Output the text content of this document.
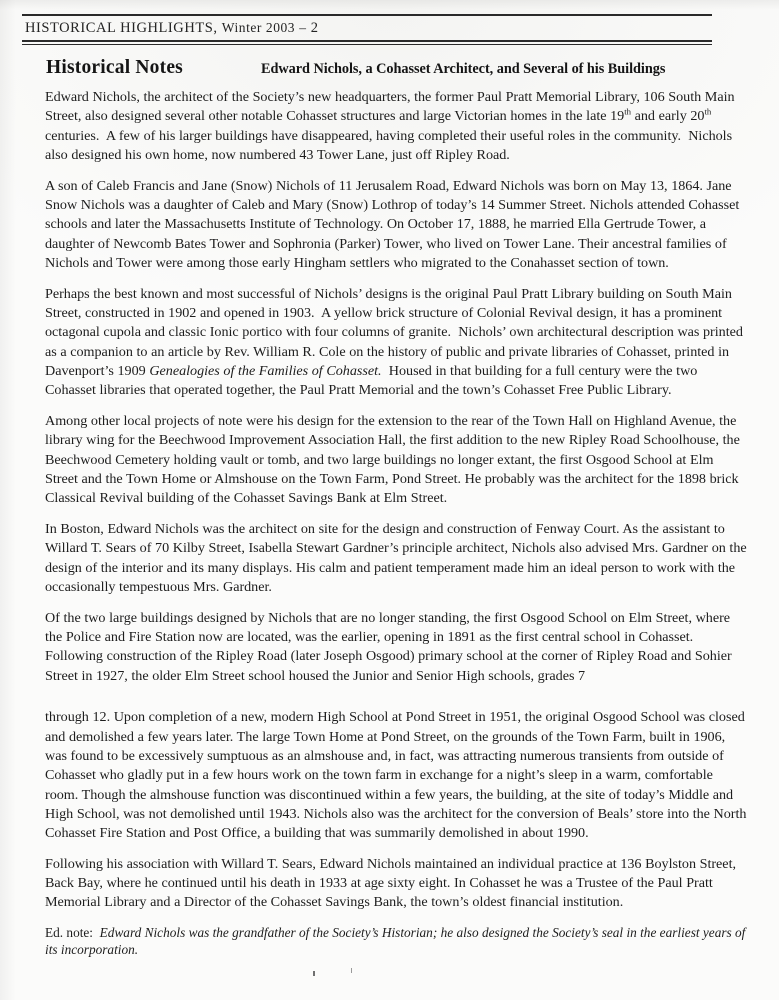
HISTORICAL HIGHLIGHTS, Winter 2003 – 2
Historical Notes	Edward Nichols, a Cohasset Architect, and Several of his Buildings

Edward Nichols, the architect of the Society’s new headquarters, the former Paul Pratt Memorial Library, 106 South Main Street, also designed several other notable Cohasset structures and large Victorian homes in the late 19th and early 20th centuries.  A few of his larger buildings have disappeared, having completed their useful roles in the community.  Nichols also designed his own home, now numbered 43 Tower Lane, just off Ripley Road.

A son of Caleb Francis and Jane (Snow) Nichols of 11 Jerusalem Road, Edward Nichols was born on May 13, 1864. Jane Snow Nichols was a daughter of Caleb and Mary (Snow) Lothrop of today’s 14 Summer Street. Nichols attended Cohasset schools and later the Massachusetts Institute of Technology. On October 17, 1888, he married Ella Gertrude Tower, a daughter of Newcomb Bates Tower and Sophronia (Parker) Tower, who lived on Tower Lane. Their ancestral families of Nichols and Tower were among those early Hingham settlers who migrated to the Conahasset section of town.

Perhaps the best known and most successful of Nichols’ designs is the original Paul Pratt Library building on South Main Street, constructed in 1902 and opened in 1903.  A yellow brick structure of Colonial Revival design, it has a prominent octagonal cupola and classic Ionic portico with four columns of granite.  Nichols’ own architectural description was printed as a companion to an article by Rev. William R. Cole on the history of public and private libraries of Cohasset, printed in Davenport’s 1909 Genealogies of the Families of Cohasset.  Housed in that building for a full century were the two Cohasset libraries that operated together, the Paul Pratt Memorial and the town’s Cohasset Free Public Library.

Among other local projects of note were his design for the extension to the rear of the Town Hall on Highland Avenue, the library wing for the Beechwood Improvement Association Hall, the first addition to the new Ripley Road Schoolhouse, the Beechwood Cemetery holding vault or tomb, and two large buildings no longer extant, the first Osgood School at Elm Street and the Town Home or Almshouse on the Town Farm, Pond Street. He probably was the architect for the 1898 brick Classical Revival building of the Cohasset Savings Bank at Elm Street.

In Boston, Edward Nichols was the architect on site for the design and construction of Fenway Court. As the assistant to Willard T. Sears of 70 Kilby Street, Isabella Stewart Gardner’s principle architect, Nichols also advised Mrs. Gardner on the design of the interior and its many displays. His calm and patient temperament made him an ideal person to work with the occasionally tempestuous Mrs. Gardner.

Of the two large buildings designed by Nichols that are no longer standing, the first Osgood School on Elm Street, where the Police and Fire Station now are located, was the earlier, opening in 1891 as the first central school in Cohasset. Following construction of the Ripley Road (later Joseph Osgood) primary school at the corner of Ripley Road and Sohier Street in 1927, the older Elm Street school housed the Junior and Senior High schools, grades 7

through 12. Upon completion of a new, modern High School at Pond Street in 1951, the original Osgood School was closed and demolished a few years later. The large Town Home at Pond Street, on the grounds of the Town Farm, built in 1906, was found to be excessively sumptuous as an almshouse and, in fact, was attracting numerous transients from outside of Cohasset who gladly put in a few hours work on the town farm in exchange for a night’s sleep in a warm, comfortable room. Though the almshouse function was discontinued within a few years, the building, at the site of today’s Middle and High School, was not demolished until 1943. Nichols also was the architect for the conversion of Beals’ store into the North Cohasset Fire Station and Post Office, a building that was summarily demolished in about 1990.

Following his association with Willard T. Sears, Edward Nichols maintained an individual practice at 136 Boylston Street, Back Bay, where he continued until his death in 1933 at age sixty eight. In Cohasset he was a Trustee of the Paul Pratt Memorial Library and a Director of the Cohasset Savings Bank, the town’s oldest financial institution.

Ed. note: Edward Nichols was the grandfather of the Society’s Historian; he also designed the Society’s seal in the earliest years of its incorporation.
